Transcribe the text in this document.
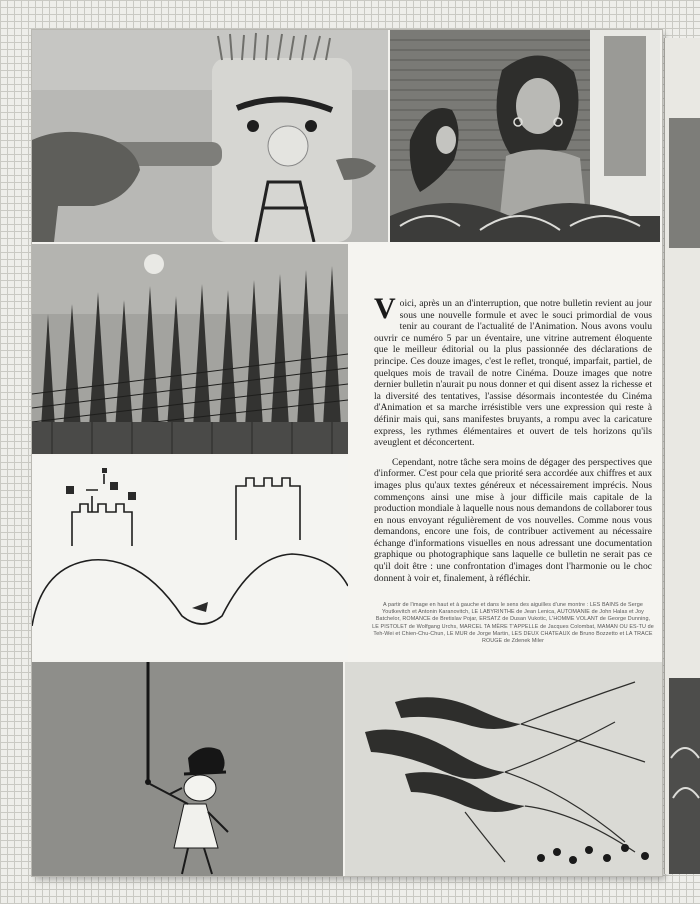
Voici, après un an d'interruption, que notre bulletin revient au jour sous une nouvelle formule et avec le souci primordial de vous tenir au courant de l'actualité de l'Animation. Nous avons voulu ouvrir ce numéro 5 par un éventaire, une vitrine autrement éloquente que le meilleur éditorial ou la plus passionnée des déclarations de principe. Ces douze images, c'est le reflet, tronqué, imparfait, partiel, de quelques mois de travail de notre Cinéma. Douze images que notre dernier bulletin n'aurait pu nous donner et qui disent assez la richesse et la diversité des tentatives, l'assise désormais incontestée du Cinéma d'Animation et sa marche irrésistible vers une expression qui reste à définir mais qui, sans manifestes bruyants, a rompu avec la caricature express, les rythmes élémentaires et ouvert de tels horizons qu'ils aveuglent et déconcertent.

Cependant, notre tâche sera moins de dégager des perspectives que d'informer. C'est pour cela que priorité sera accordée aux chiffres et aux images plus qu'aux textes généreux et nécessairement imprécis. Nous commençons ainsi une mise à jour difficile mais capitale de la production mondiale à laquelle nous nous demandons de collaborer tous en nous envoyant régulièrement de vos nouvelles. Comme nous vous demandons, encore une fois, de contribuer activement au nécessaire échange d'informations visuelles en nous adressant une documentation graphique ou photographique sans laquelle ce bulletin ne serait pas ce qu'il doit être : une confrontation d'images dont l'harmonie ou le choc donnent à voir et, finalement, à réfléchir.

A partir de l'image en haut et à gauche et dans le sens des aiguilles d'une montre : LES BAINS de Serge Youtkevitch et Antonin Karanovitch, LE LABYRINTHE de Jean Lenica, AUTOMANIE de John Halas et Joy Batchelor, ROMANCE de Bretislav Pojar, ERSATZ de Dusan Vukotic, L'HOMME VOLANT de George Dunning, LE PISTOLET de Wolfgang Urchs, MARCEL TA MÈRE T'APPELLE de Jacques Colombat, MAMAN OU ES-TU de Teh-Wei et Chien-Chu-Chun, LE MUR de Jorge Martin, LES DEUX CHATEAUX de Bruno Bozzetto et LA TRACE ROUGE de Zdenek Miler
